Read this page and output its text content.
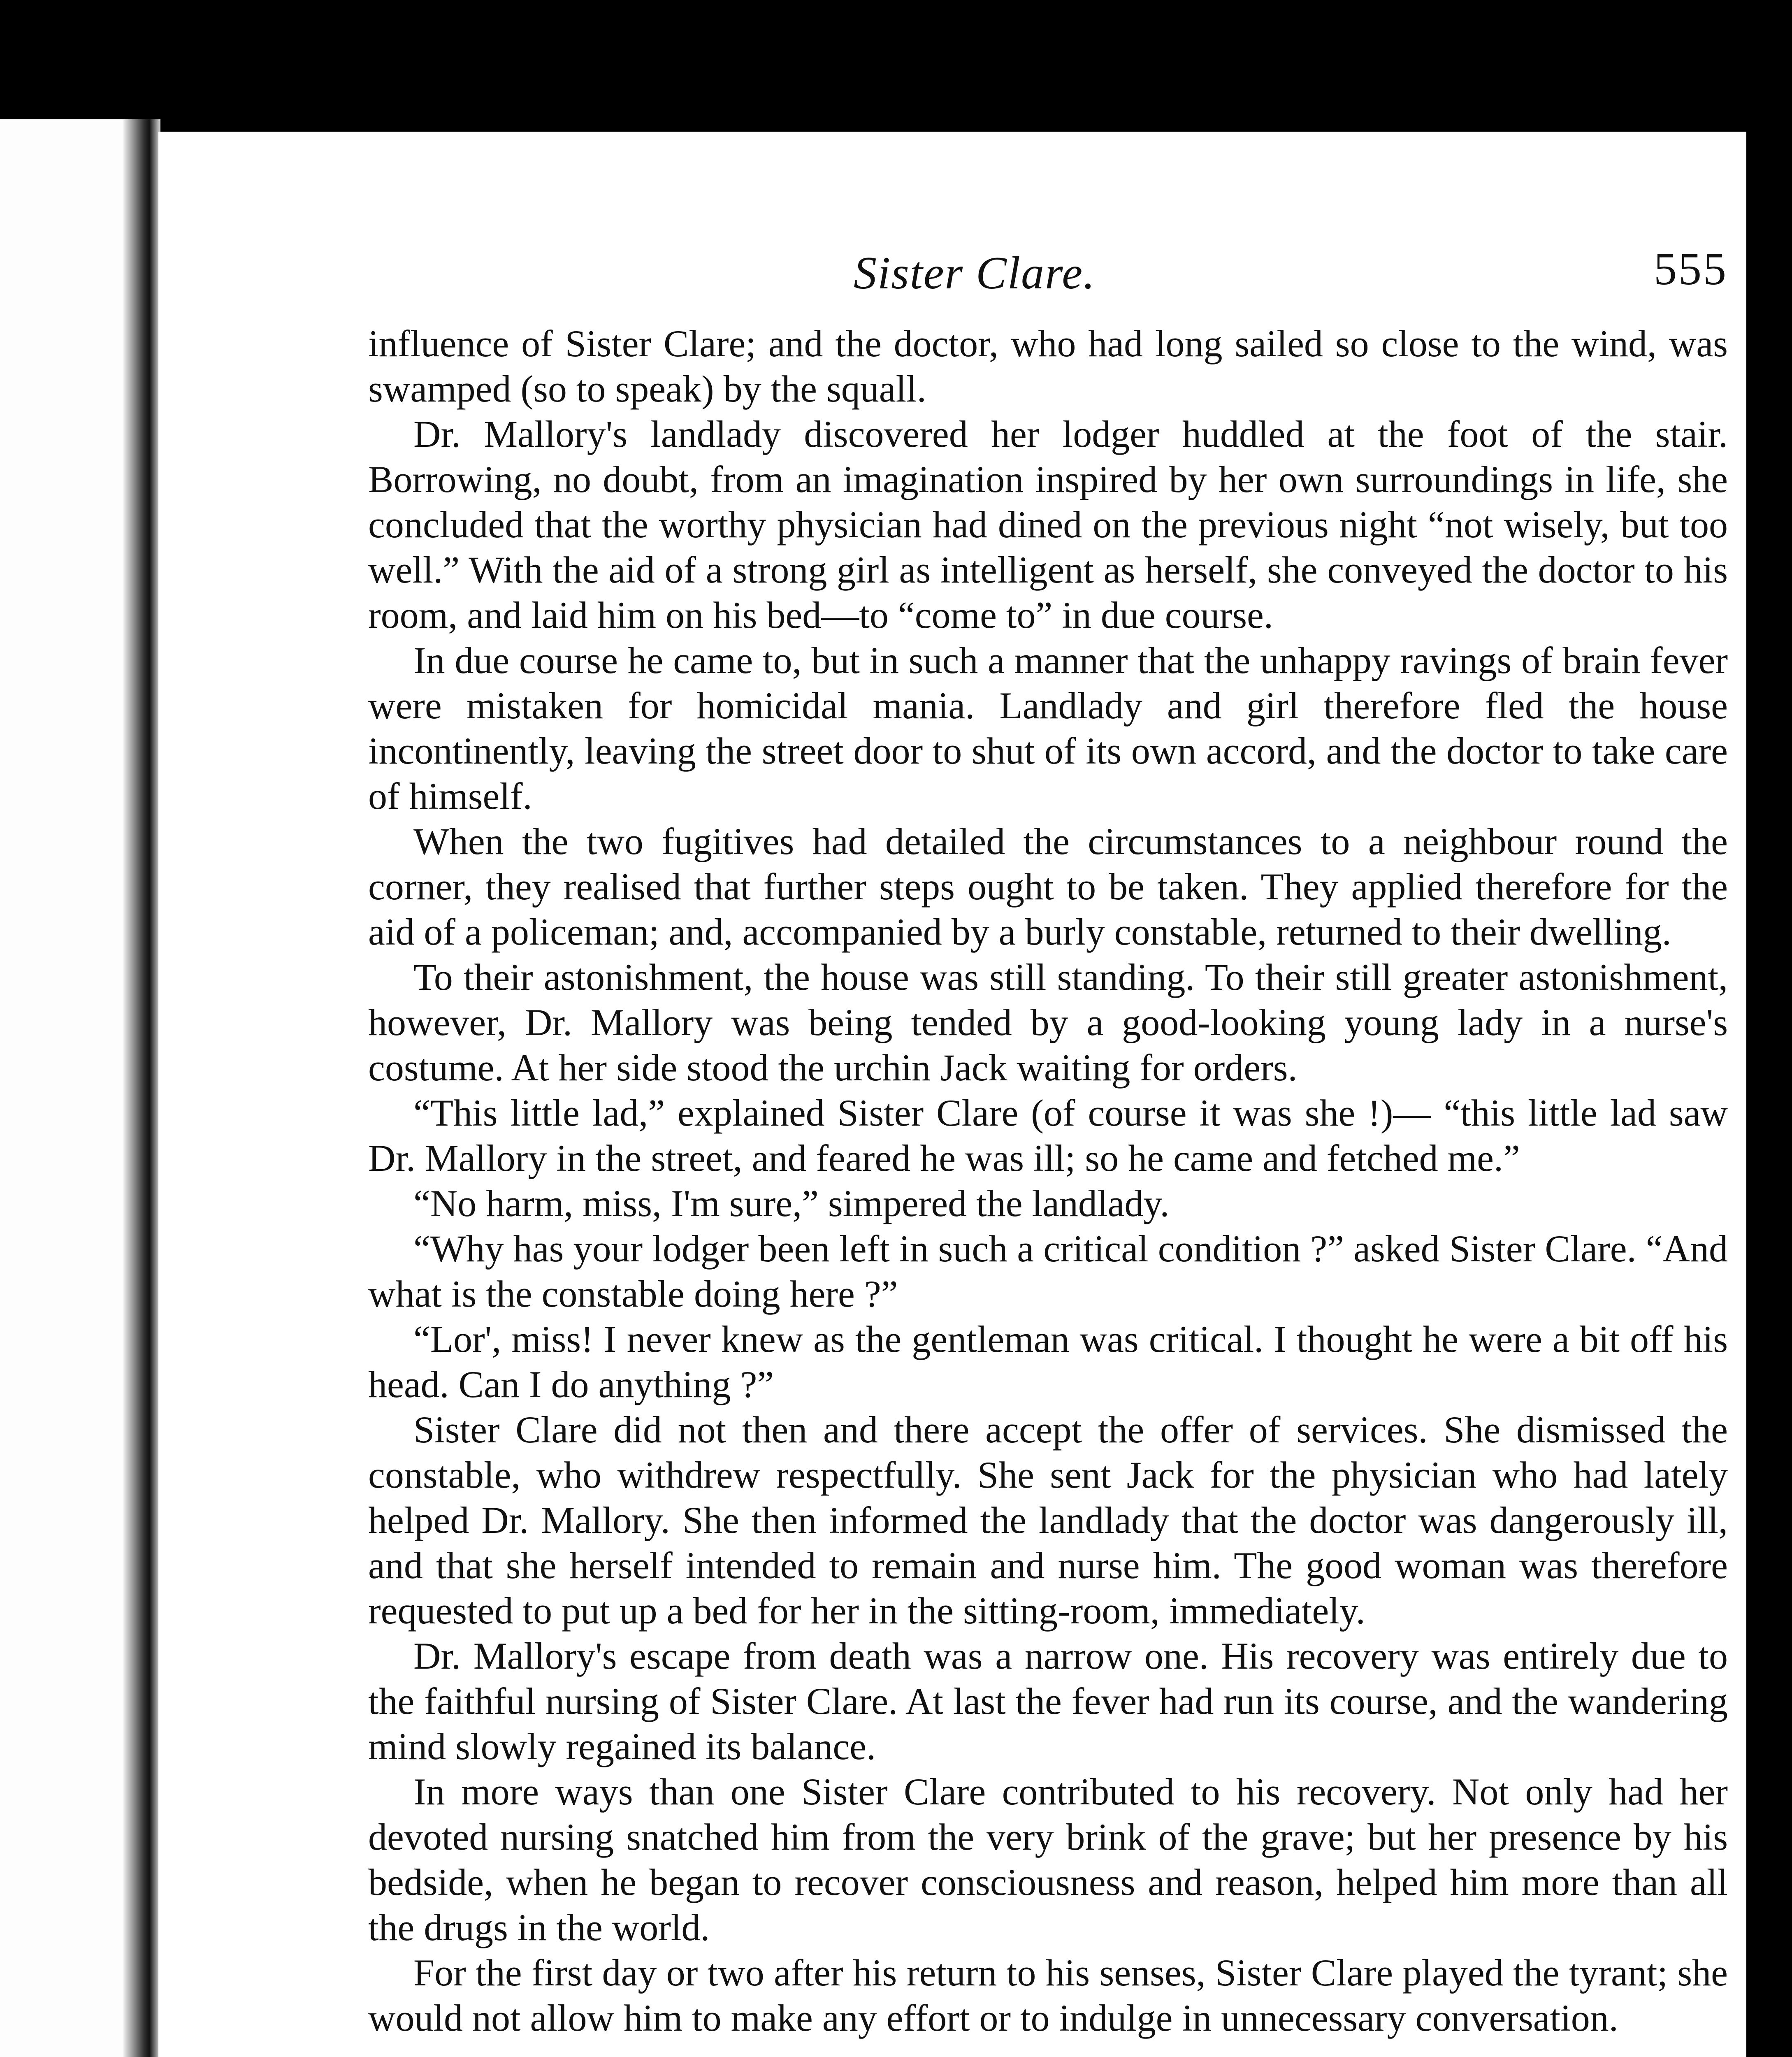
Sister Clare.	555

influence of Sister Clare; and the doctor, who had long sailed so close to the wind, was swamped (so to speak) by the squall.

Dr. Mallory's landlady discovered her lodger huddled at the foot of the stair. Borrowing, no doubt, from an imagination inspired by her own surroundings in life, she concluded that the worthy physician had dined on the previous night “not wisely, but too well.” With the aid of a strong girl as intelligent as herself, she conveyed the doctor to his room, and laid him on his bed—to “come to” in due course.

In due course he came to, but in such a manner that the unhappy ravings of brain fever were mistaken for homicidal mania. Landlady and girl therefore fled the house incontinently, leaving the street door to shut of its own accord, and the doctor to take care of himself.

When the two fugitives had detailed the circumstances to a neighbour round the corner, they realised that further steps ought to be taken. They applied therefore for the aid of a policeman; and, accompanied by a burly constable, returned to their dwelling.

To their astonishment, the house was still standing. To their still greater astonishment, however, Dr. Mallory was being tended by a good-looking young lady in a nurse's costume. At her side stood the urchin Jack waiting for orders.

“This little lad,” explained Sister Clare (of course it was she !)— “this little lad saw Dr. Mallory in the street, and feared he was ill; so he came and fetched me.”

“No harm, miss, I'm sure,” simpered the landlady.

“Why has your lodger been left in such a critical condition ?” asked Sister Clare. “And what is the constable doing here ?”

“Lor', miss! I never knew as the gentleman was critical. I thought he were a bit off his head. Can I do anything ?”

Sister Clare did not then and there accept the offer of services. She dismissed the constable, who withdrew respectfully. She sent Jack for the physician who had lately helped Dr. Mallory. She then informed the landlady that the doctor was dangerously ill, and that she herself intended to remain and nurse him. The good woman was therefore requested to put up a bed for her in the sitting-room, immediately.

Dr. Mallory's escape from death was a narrow one. His recovery was entirely due to the faithful nursing of Sister Clare. At last the fever had run its course, and the wandering mind slowly regained its balance.

In more ways than one Sister Clare contributed to his recovery. Not only had her devoted nursing snatched him from the very brink of the grave; but her presence by his bedside, when he began to recover consciousness and reason, helped him more than all the drugs in the world.

For the first day or two after his return to his senses, Sister Clare played the tyrant; she would not allow him to make any effort or to indulge in unnecessary conversation.
